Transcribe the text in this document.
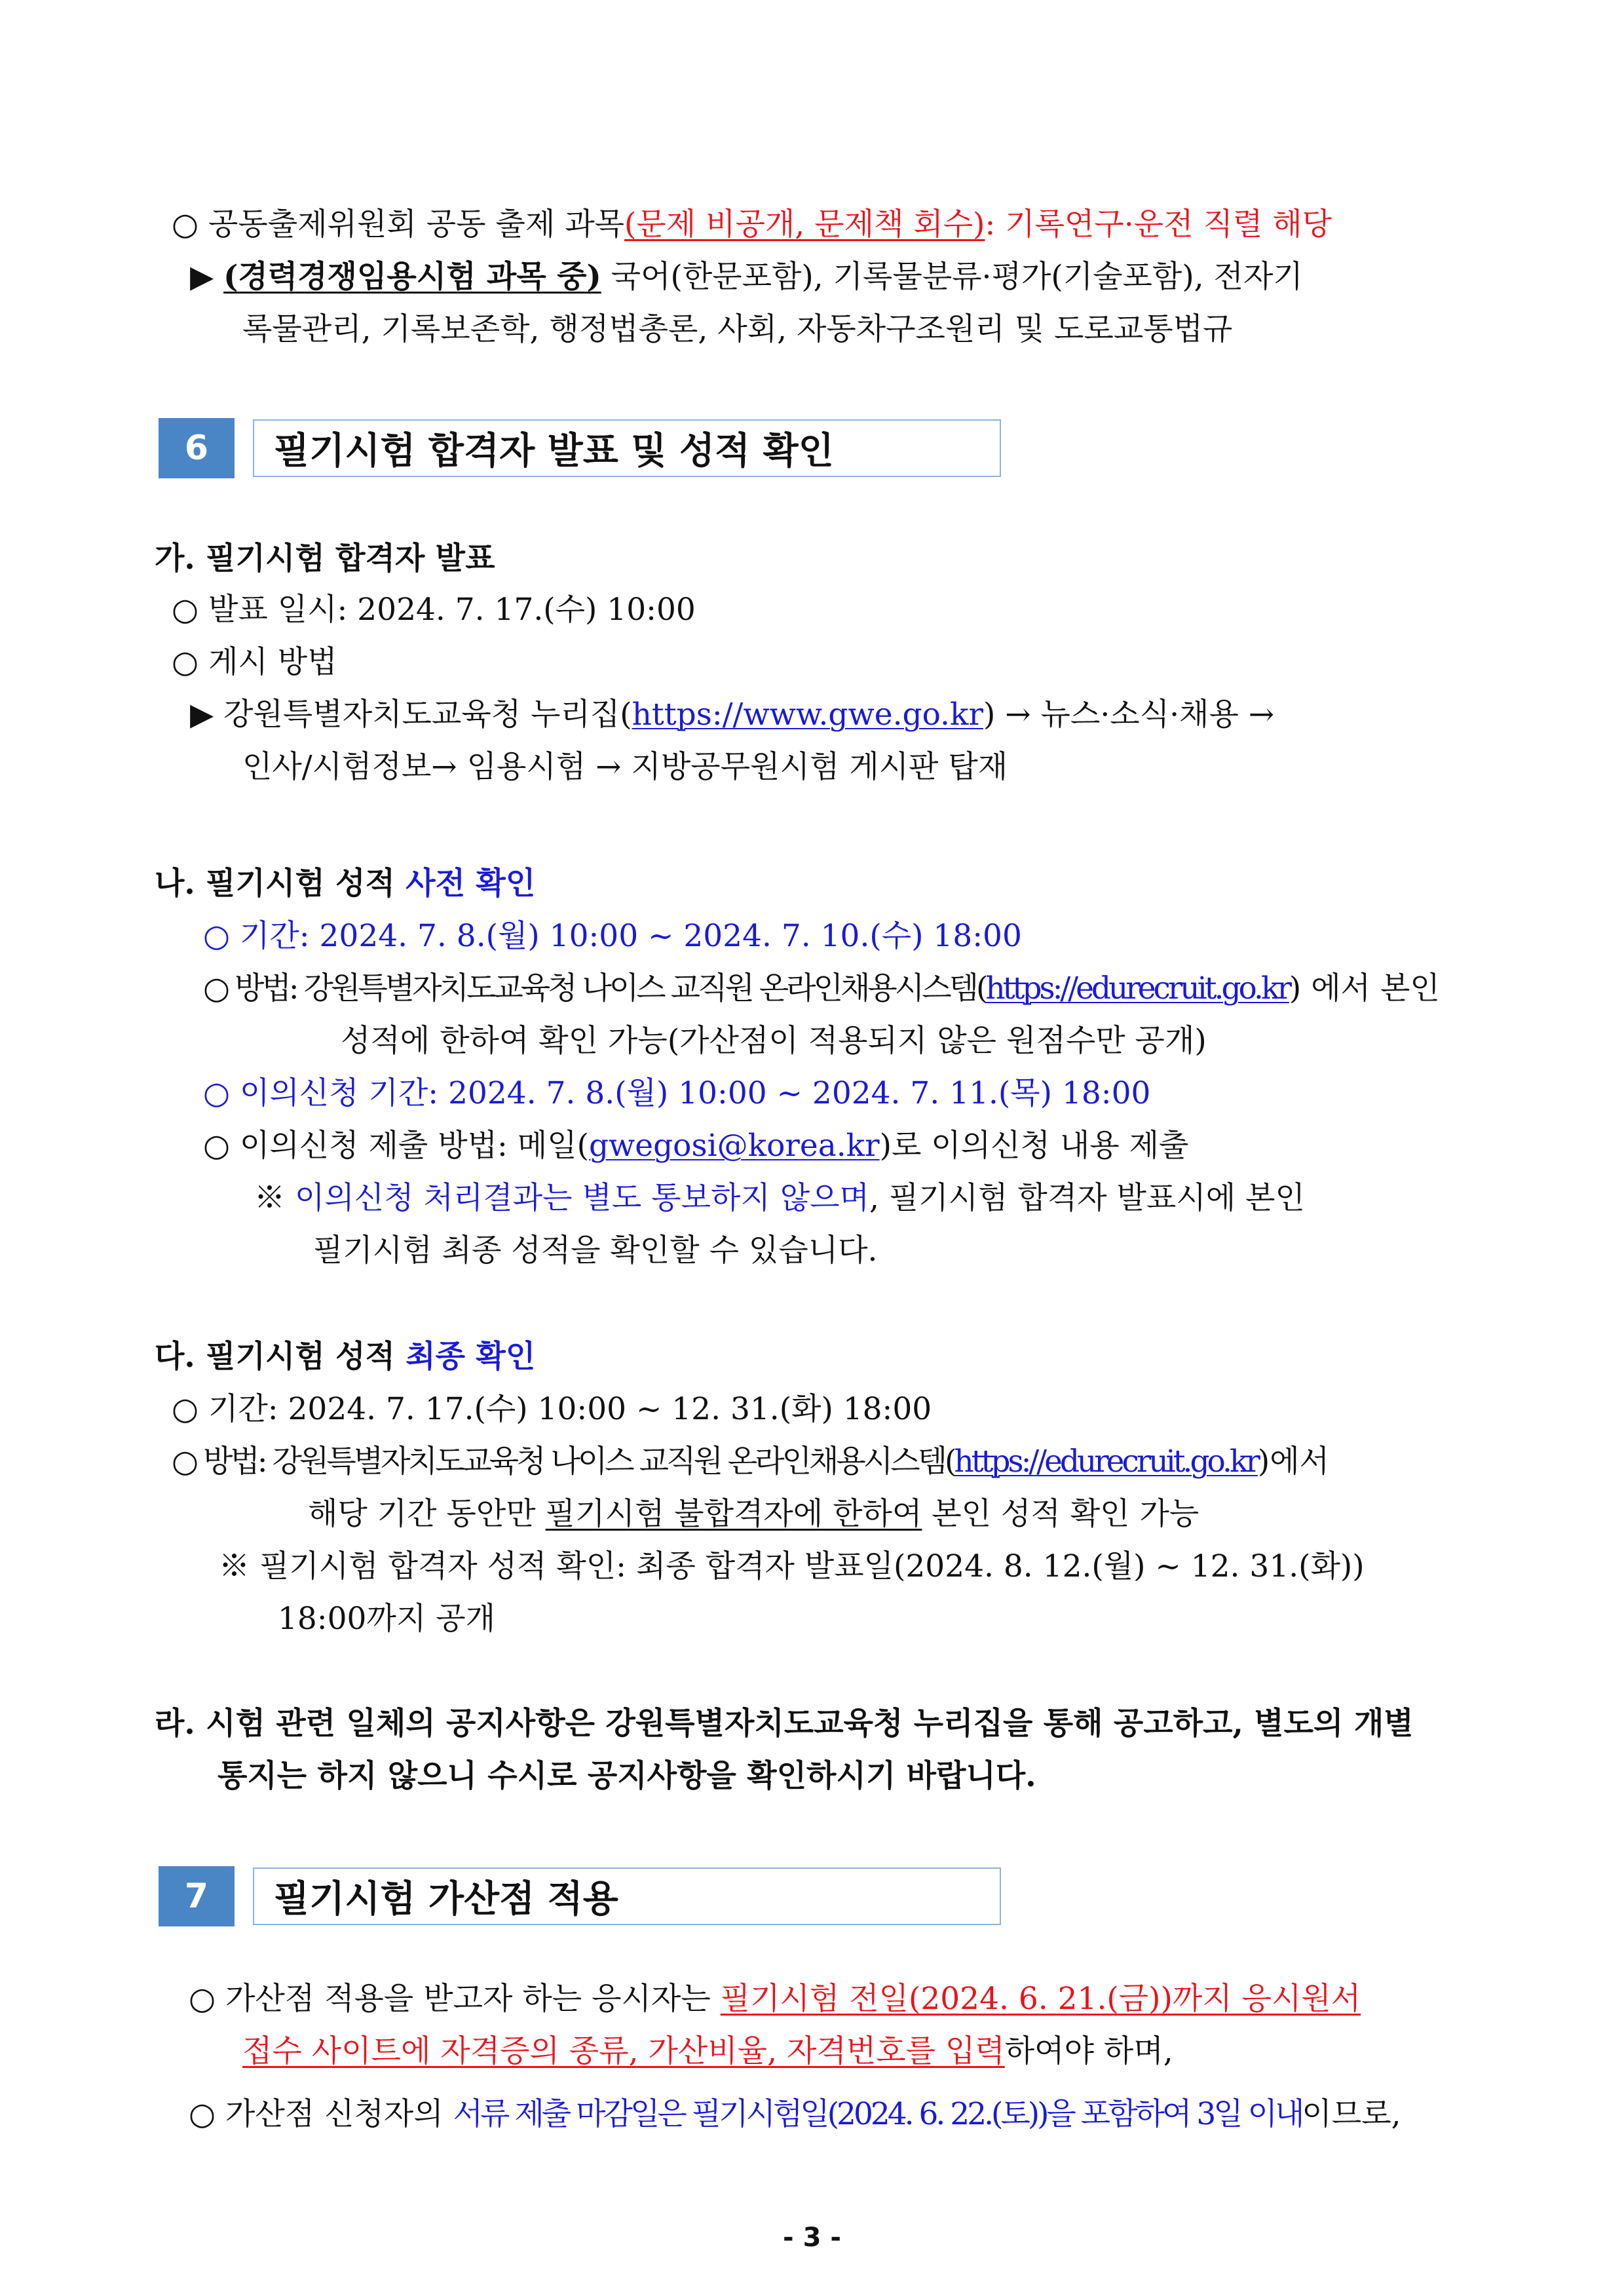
○ 공동출제위원회 공동 출제 과목(문제 비공개, 문제책 회수): 기록연구·운전 직렬 해당
▶ (경력경쟁임용시험 과목 중) 국어(한문포함), 기록물분류·평가(기술포함), 전자기
록물관리, 기록보존학, 행정법총론, 사회, 자동차구조원리 및 도로교통법규
6	필기시험 합격자 발표 및 성적 확인
가. 필기시험 합격자 발표
○ 발표 일시: 2024. 7. 17.(수) 10:00
○ 게시 방법
▶ 강원특별자치도교육청 누리집(https://www.gwe.go.kr) → 뉴스·소식·채용 →
인사/시험정보→ 임용시험 → 지방공무원시험 게시판 탑재
나. 필기시험 성적 사전 확인
○ 기간: 2024. 7. 8.(월) 10:00 ~ 2024. 7. 10.(수) 18:00
○ 방법: 강원특별자치도교육청 나이스 교직원 온라인채용시스템(https://edurecruit.go.kr) 에서 본인
성적에 한하여 확인 가능(가산점이 적용되지 않은 원점수만 공개)
○ 이의신청 기간: 2024. 7. 8.(월) 10:00 ~ 2024. 7. 11.(목) 18:00
○ 이의신청 제출 방법: 메일(gwegosi@korea.kr)로 이의신청 내용 제출
※ 이의신청 처리결과는 별도 통보하지 않으며, 필기시험 합격자 발표시에 본인
필기시험 최종 성적을 확인할 수 있습니다.
다. 필기시험 성적 최종 확인
○ 기간: 2024. 7. 17.(수) 10:00 ~ 12. 31.(화) 18:00
○ 방법: 강원특별자치도교육청 나이스 교직원 온라인채용시스템(https://edurecruit.go.kr)에서
해당 기간 동안만 필기시험 불합격자에 한하여 본인 성적 확인 가능
※ 필기시험 합격자 성적 확인: 최종 합격자 발표일(2024. 8. 12.(월) ~ 12. 31.(화))
18:00까지 공개
라. 시험 관련 일체의 공지사항은 강원특별자치도교육청 누리집을 통해 공고하고, 별도의 개별
통지는 하지 않으니 수시로 공지사항을 확인하시기 바랍니다.
7	필기시험 가산점 적용
○ 가산점 적용을 받고자 하는 응시자는 필기시험 전일(2024. 6. 21.(금))까지 응시원서
접수 사이트에 자격증의 종류, 가산비율, 자격번호를 입력하여야 하며,
○ 가산점 신청자의 서류 제출 마감일은 필기시험일(2024. 6. 22.(토))을 포함하여 3일 이내이므로,
- 3 -
